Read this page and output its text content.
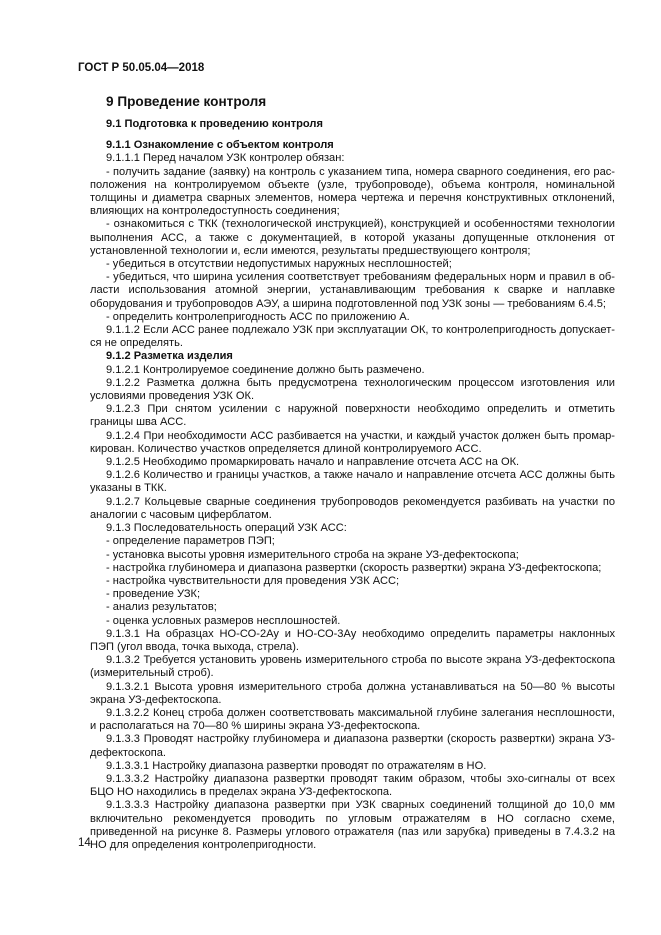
ГОСТ Р 50.05.04—2018

9 Проведение контроля

9.1 Подготовка к проведению контроля

9.1.1 Ознакомление с объектом контроля

9.1.1.1 Перед началом УЗК контролер обязан:

- получить задание (заявку) на контроль с указанием типа, номера сварного соединения, его расположения на контролируемом объекте (узле, трубопроводе), объема контроля, номинальной толщины и диаметра сварных элементов, номера чертежа и перечня конструктивных отклонений, влияющих на контроледоступность соединения;

- ознакомиться с ТКК (технологической инструкцией), конструкцией и особенностями технологии выполнения АСС, а также с документацией, в которой указаны допущенные отклонения от установленной технологии и, если имеются, результаты предшествующего контроля;

- убедиться в отсутствии недопустимых наружных несплошностей;

- убедиться, что ширина усиления соответствует требованиям федеральных норм и правил в области использования атомной энергии, устанавливающим требования к сварке и наплавке оборудования и трубопроводов АЭУ, а ширина подготовленной под УЗК зоны — требованиям 6.4.5;

- определить контролепригодность АСС по приложению А.

9.1.1.2 Если АСС ранее подлежало УЗК при эксплуатации ОК, то контролепригодность допускается не определять.

9.1.2 Разметка изделия

9.1.2.1 Контролируемое соединение должно быть размечено.

9.1.2.2 Разметка должна быть предусмотрена технологическим процессом изготовления или условиями проведения УЗК ОК.

9.1.2.3 При снятом усилении с наружной поверхности необходимо определить и отметить границы шва АСС.

9.1.2.4 При необходимости АСС разбивается на участки, и каждый участок должен быть промаркирован. Количество участков определяется длиной контролируемого АСС.

9.1.2.5 Необходимо промаркировать начало и направление отсчета АСС на ОК.

9.1.2.6 Количество и границы участков, а также начало и направление отсчета АСС должны быть указаны в ТКК.

9.1.2.7 Кольцевые сварные соединения трубопроводов рекомендуется разбивать на участки по аналогии с часовым циферблатом.

9.1.3 Последовательность операций УЗК АСС:

- определение параметров ПЭП;

- установка высоты уровня измерительного строба на экране УЗ-дефектоскопа;

- настройка глубиномера и диапазона развертки (скорость развертки) экрана УЗ-дефектоскопа;

- настройка чувствительности для проведения УЗК АСС;

- проведение УЗК;

- анализ результатов;

- оценка условных размеров несплошностей.

9.1.3.1 На образцах НО-СО-2Ау и НО-СО-3Ау необходимо определить параметры наклонных ПЭП (угол ввода, точка выхода, стрела).

9.1.3.2 Требуется установить уровень измерительного строба по высоте экрана УЗ-дефектоскопа (измерительный строб).

9.1.3.2.1 Высота уровня измерительного строба должна устанавливаться на 50—80 % высоты экрана УЗ-дефектоскопа.

9.1.3.2.2 Конец строба должен соответствовать максимальной глубине залегания несплошности, и располагаться на 70—80 % ширины экрана УЗ-дефектоскопа.

9.1.3.3 Проводят настройку глубиномера и диапазона развертки (скорость развертки) экрана УЗ-дефектоскопа.

9.1.3.3.1 Настройку диапазона развертки проводят по отражателям в НО.

9.1.3.3.2 Настройку диапазона развертки проводят таким образом, чтобы эхо-сигналы от всех БЦО НО находились в пределах экрана УЗ-дефектоскопа.

9.1.3.3.3 Настройку диапазона развертки при УЗК сварных соединений толщиной до 10,0 мм включительно рекомендуется проводить по угловым отражателям в НО согласно схеме, приведенной на рисунке 8. Размеры углового отражателя (паз или зарубка) приведены в 7.4.3.2 на НО для определения контролепригодности.

14
